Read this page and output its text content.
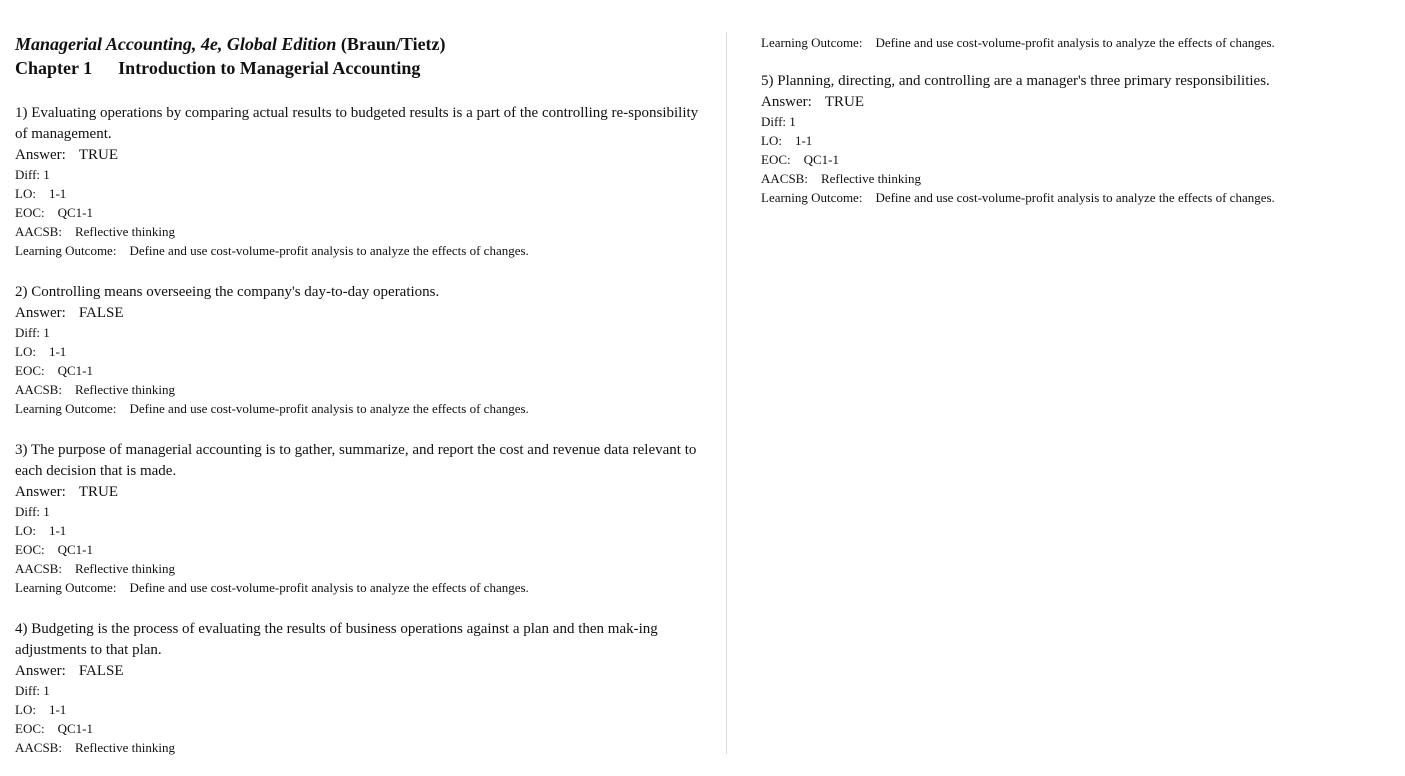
Managerial Accounting, 4e, Global Edition (Braun/Tietz)

Chapter 1 Introduction to Managerial Accounting

1) Evaluating operations by comparing actual results to budgeted results is a part of the controlling re-sponsibility of management.

Answer: TRUE

Diff: 1

LO: 1-1

EOC: QC1-1

AACSB: Reflective thinking

Learning Outcome: Define and use cost-volume-profit analysis to analyze the effects of changes.

2) Controlling means overseeing the company's day-to-day operations.

Answer: FALSE

Diff: 1

LO: 1-1

EOC: QC1-1

AACSB: Reflective thinking

Learning Outcome: Define and use cost-volume-profit analysis to analyze the effects of changes.

3) The purpose of managerial accounting is to gather, summarize, and report the cost and revenue data relevant to each decision that is made.

Answer: TRUE

Diff: 1

LO: 1-1

EOC: QC1-1

AACSB: Reflective thinking

Learning Outcome: Define and use cost-volume-profit analysis to analyze the effects of changes.

4) Budgeting is the process of evaluating the results of business operations against a plan and then mak-ing adjustments to that plan.

Answer: FALSE

Diff: 1

LO: 1-1

EOC: QC1-1

AACSB: Reflective thinking

Learning Outcome: Define and use cost-volume-profit analysis to analyze the effects of changes.

5) Planning, directing, and controlling are a manager's three primary responsibilities.

Answer: TRUE

Diff: 1

LO: 1-1

EOC: QC1-1

AACSB: Reflective thinking

Learning Outcome: Define and use cost-volume-profit analysis to analyze the effects of changes.
